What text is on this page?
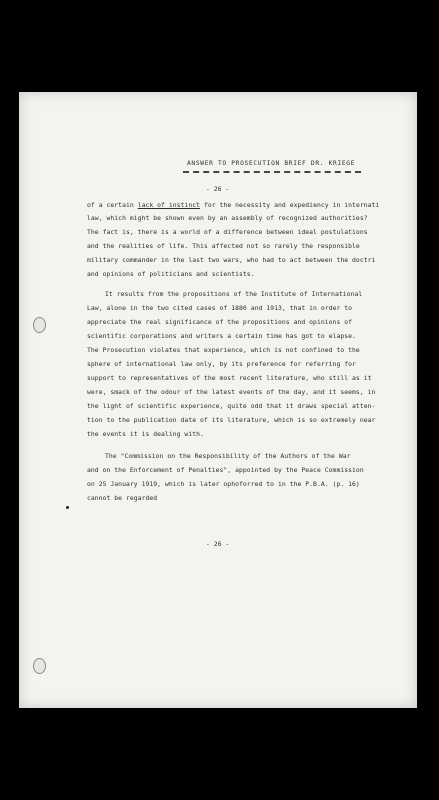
ANSWER TO PROSECUTION BRIEF DR. KRIEGE
- 26 -
of a certain lack of instinct for the necessity and expediency in internati
law, which might be shown even by an assembly of recognized authorities?
The fact is, there is a world of a difference between ideal postulations
and the realities of life. This affected not so rarely the responsible
military commander in the last two wars, who had to act between the doctri
and opinions of politicians and scientists.
It results from the propositions of the Institute of International
Law, alone in the two cited cases of 1880 and 1913, that in order to
appreciate the real significance of the propositions and opinions of
scientific corporations and writers a certain time has got to elapse.
The Prosecution violates that experience, which is not confined to the
sphere of international law only, by its preference for referring for
support to representatives of the most recent literature, who still as it
were, smack of the odour of the latest events of the day, and it seems, in
the light of scientific experience, quite odd that it draws special atten-
tion to the publication date of its literature, which is so extremely near
the events it is dealing with.
The "Commission on the Responsibility of the Authors of the War
and on the Enforcement of Penalties", appointed by the Peace Commission
on 25 January 1919, which is later ophoforred to in the P.B.A. (p. 16)
cannot be regarded
- 26 -
